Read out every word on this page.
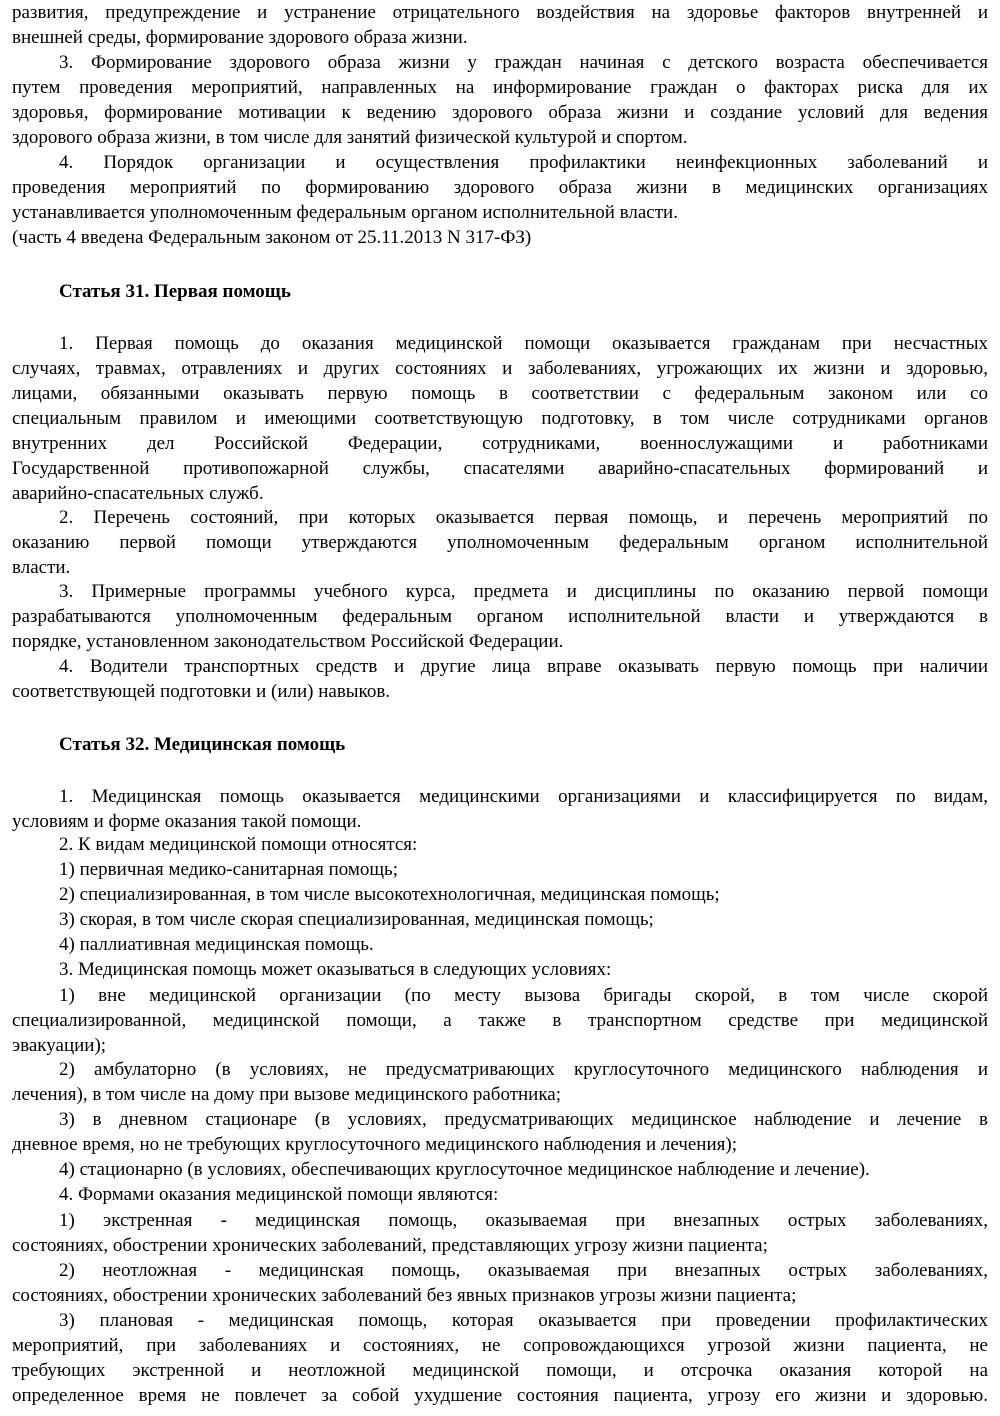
развития, предупреждение и устранение отрицательного воздействия на здоровье факторов внутренней и
внешней среды, формирование здорового образа жизни.
3. Формирование здорового образа жизни у граждан начиная с детского возраста обеспечивается
путем проведения мероприятий, направленных на информирование граждан о факторах риска для их
здоровья, формирование мотивации к ведению здорового образа жизни и создание условий для ведения
здорового образа жизни, в том числе для занятий физической культурой и спортом.
4. Порядок организации и осуществления профилактики неинфекционных заболеваний и
проведения мероприятий по формированию здорового образа жизни в медицинских организациях
устанавливается уполномоченным федеральным органом исполнительной власти.
(часть 4 введена Федеральным законом от 25.11.2013 N 317-ФЗ)
Статья 31. Первая помощь
1. Первая помощь до оказания медицинской помощи оказывается гражданам при несчастных
случаях, травмах, отравлениях и других состояниях и заболеваниях, угрожающих их жизни и здоровью,
лицами, обязанными оказывать первую помощь в соответствии с федеральным законом или со
специальным правилом и имеющими соответствующую подготовку, в том числе сотрудниками органов
внутренних дел Российской Федерации, сотрудниками, военнослужащими и работниками
Государственной противопожарной службы, спасателями аварийно-спасательных формирований и
аварийно-спасательных служб.
2. Перечень состояний, при которых оказывается первая помощь, и перечень мероприятий по
оказанию первой помощи утверждаются уполномоченным федеральным органом исполнительной
власти.
3. Примерные программы учебного курса, предмета и дисциплины по оказанию первой помощи
разрабатываются уполномоченным федеральным органом исполнительной власти и утверждаются в
порядке, установленном законодательством Российской Федерации.
4. Водители транспортных средств и другие лица вправе оказывать первую помощь при наличии
соответствующей подготовки и (или) навыков.
Статья 32. Медицинская помощь
1. Медицинская помощь оказывается медицинскими организациями и классифицируется по видам,
условиям и форме оказания такой помощи.
2. К видам медицинской помощи относятся:
1) первичная медико-санитарная помощь;
2) специализированная, в том числе высокотехнологичная, медицинская помощь;
3) скорая, в том числе скорая специализированная, медицинская помощь;
4) паллиативная медицинская помощь.
3. Медицинская помощь может оказываться в следующих условиях:
1) вне медицинской организации (по месту вызова бригады скорой, в том числе скорой
специализированной, медицинской помощи, а также в транспортном средстве при медицинской
эвакуации);
2) амбулаторно (в условиях, не предусматривающих круглосуточного медицинского наблюдения и
лечения), в том числе на дому при вызове медицинского работника;
3) в дневном стационаре (в условиях, предусматривающих медицинское наблюдение и лечение в
дневное время, но не требующих круглосуточного медицинского наблюдения и лечения);
4) стационарно (в условиях, обеспечивающих круглосуточное медицинское наблюдение и лечение).
4. Формами оказания медицинской помощи являются:
1) экстренная - медицинская помощь, оказываемая при внезапных острых заболеваниях,
состояниях, обострении хронических заболеваний, представляющих угрозу жизни пациента;
2) неотложная - медицинская помощь, оказываемая при внезапных острых заболеваниях,
состояниях, обострении хронических заболеваний без явных признаков угрозы жизни пациента;
3) плановая - медицинская помощь, которая оказывается при проведении профилактических
мероприятий, при заболеваниях и состояниях, не сопровождающихся угрозой жизни пациента, не
требующих экстренной и неотложной медицинской помощи, и отсрочка оказания которой на
определенное время не повлечет за собой ухудшение состояния пациента, угрозу его жизни и здоровью.
